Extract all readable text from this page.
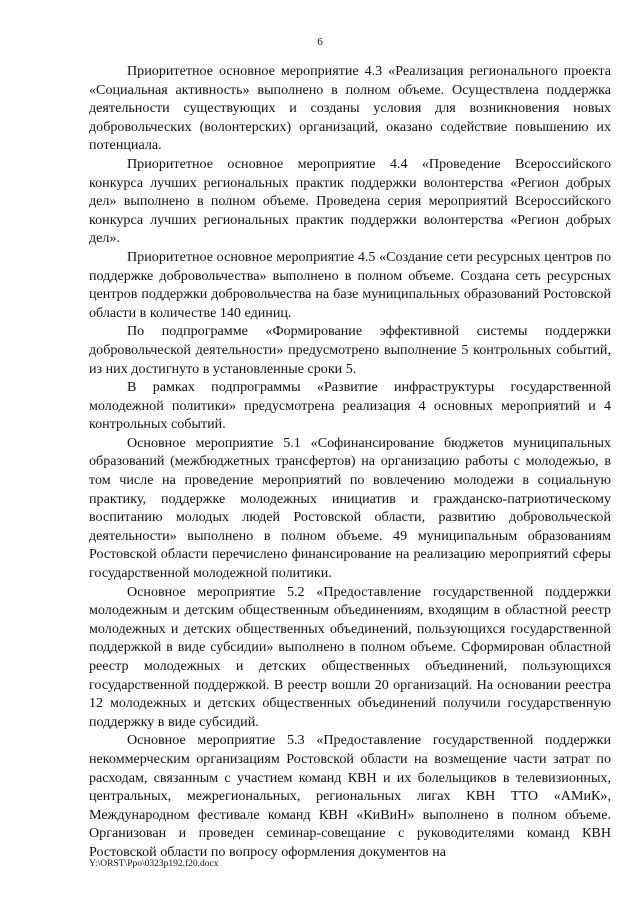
6

Приоритетное основное мероприятие 4.3 «Реализация регионального проекта «Социальная активность» выполнено в полном объеме. Осуществлена поддержка деятельности существующих и созданы условия для возникновения новых добровольческих (волонтерских) организаций, оказано содействие повышению их потенциала.

Приоритетное основное мероприятие 4.4 «Проведение Всероссийского конкурса лучших региональных практик поддержки волонтерства «Регион добрых дел» выполнено в полном объеме. Проведена серия мероприятий Всероссийского конкурса лучших региональных практик поддержки волонтерства «Регион добрых дел».

Приоритетное основное мероприятие 4.5 «Создание сети ресурсных центров по поддержке добровольчества» выполнено в полном объеме. Создана сеть ресурсных центров поддержки добровольчества на базе муниципальных образований Ростовской области в количестве 140 единиц.

По подпрограмме «Формирование эффективной системы поддержки добровольческой деятельности» предусмотрено выполнение 5 контрольных событий, из них достигнуто в установленные сроки 5.

В рамках подпрограммы «Развитие инфраструктуры государственной молодежной политики» предусмотрена реализация 4 основных мероприятий и 4 контрольных событий.

Основное мероприятие 5.1 «Софинансирование бюджетов муниципальных образований (межбюджетных трансфертов) на организацию работы с молодежью, в том числе на проведение мероприятий по вовлечению молодежи в социальную практику, поддержке молодежных инициатив и гражданско-патриотическому воспитанию молодых людей Ростовской области, развитию добровольческой деятельности» выполнено в полном объеме. 49 муниципальным образованиям Ростовской области перечислено финансирование на реализацию мероприятий сферы государственной молодежной политики.

Основное мероприятие 5.2 «Предоставление государственной поддержки молодежным и детским общественным объединениям, входящим в областной реестр молодежных и детских общественных объединений, пользующихся государственной поддержкой в виде субсидии» выполнено в полном объеме. Сформирован областной реестр молодежных и детских общественных объединений, пользующихся государственной поддержкой. В реестр вошли 20 организаций. На основании реестра 12 молодежных и детских общественных объединений получили государственную поддержку в виде субсидий.

Основное мероприятие 5.3 «Предоставление государственной поддержки некоммерческим организациям Ростовской области на возмещение части затрат по расходам, связанным с участием команд КВН и их болельщиков в телевизионных, центральных, межрегиональных, региональных лигах КВН ТТО «АМиК», Международном фестивале команд КВН «КиВиН» выполнено в полном объеме. Организован и проведен семинар-совещание с руководителями команд КВН Ростовской области по вопросу оформления документов на

Y:\ORST\Ppo\0323p192.f20.docx
